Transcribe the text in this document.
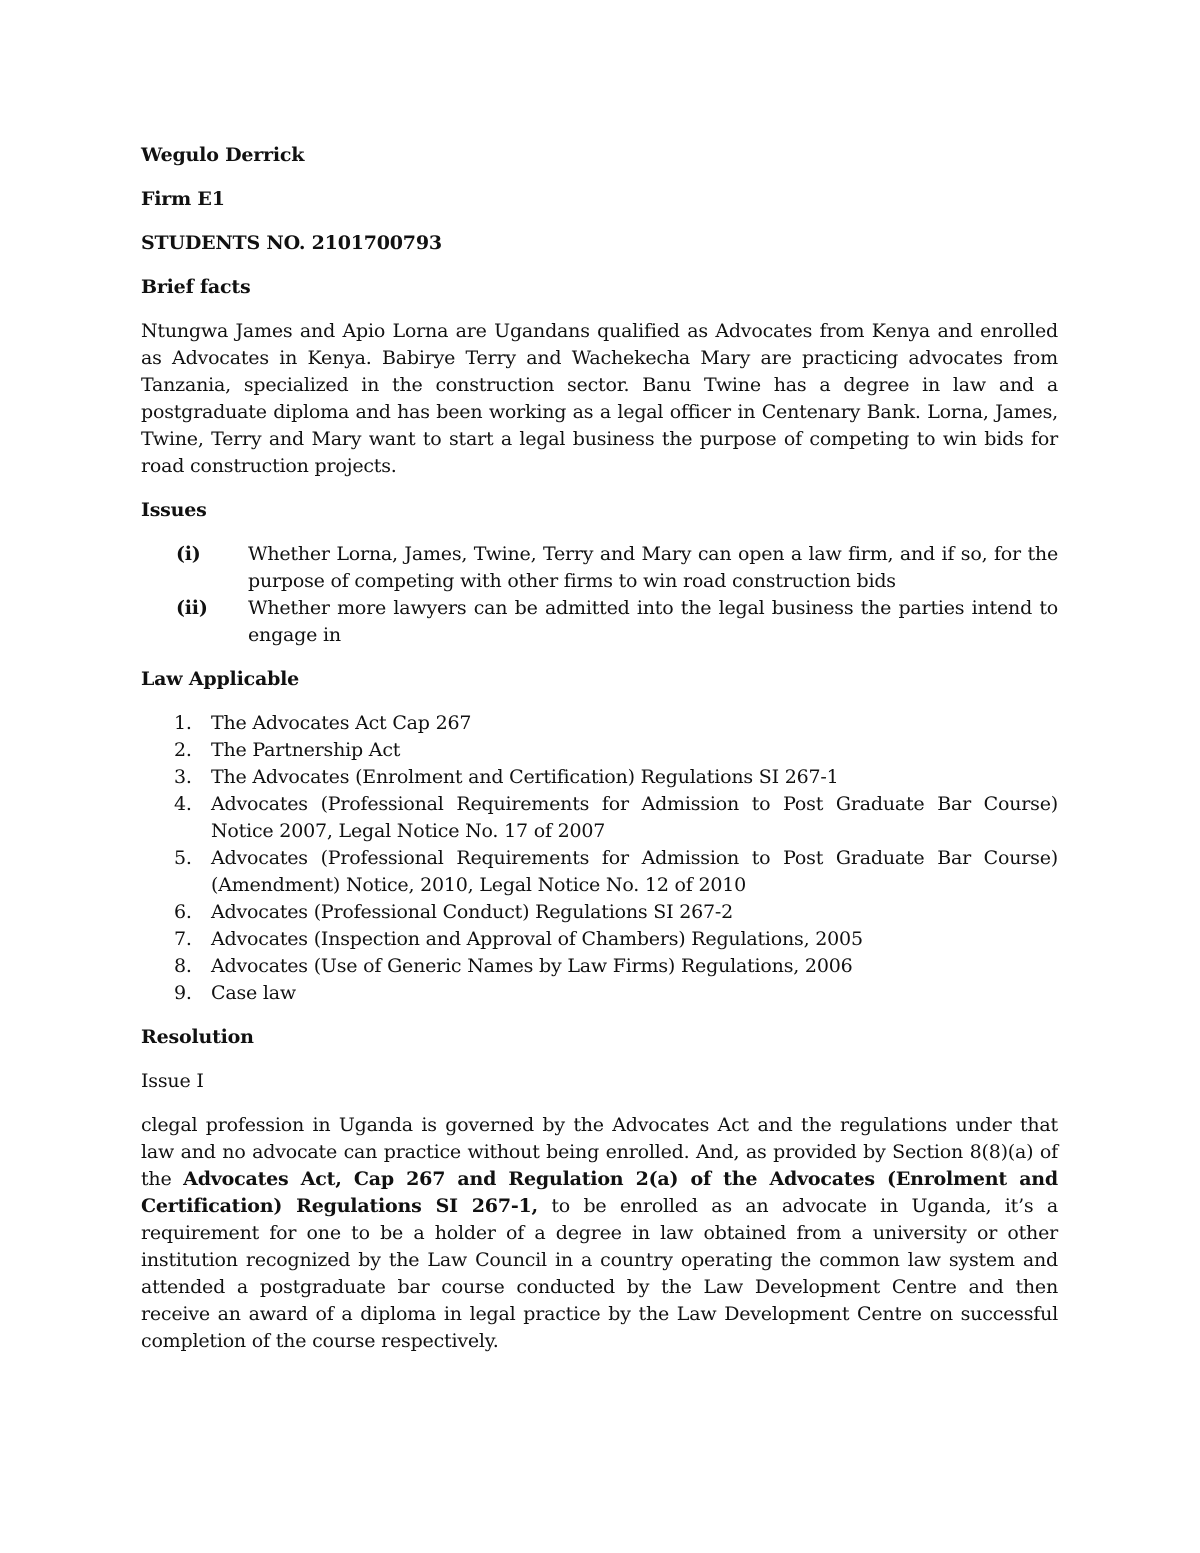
Wegulo Derrick
Firm E1
STUDENTS NO. 2101700793
Brief facts
Ntungwa James and Apio Lorna are Ugandans qualified as Advocates from Kenya and enrolled as Advocates in Kenya. Babirye Terry and Wachekecha Mary are practicing advocates from Tanzania, specialized in the construction sector. Banu Twine has a degree in law and a postgraduate diploma and has been working as a legal officer in Centenary Bank. Lorna, James, Twine, Terry and Mary want to start a legal business the purpose of competing to win bids for road construction projects.
Issues
(i)	Whether Lorna, James, Twine, Terry and Mary can open a law firm, and if so, for the purpose of competing with other firms to win road construction bids
(ii)	Whether more lawyers can be admitted into the legal business the parties intend to engage in
Law Applicable
1.	The Advocates Act Cap 267
2.	The Partnership Act
3.	The Advocates (Enrolment and Certification) Regulations SI 267-1
4.	Advocates (Professional Requirements for Admission to Post Graduate Bar Course) Notice 2007, Legal Notice No. 17 of 2007
5.	Advocates (Professional Requirements for Admission to Post Graduate Bar Course) (Amendment) Notice, 2010, Legal Notice No. 12 of 2010
6.	Advocates (Professional Conduct) Regulations SI 267-2
7.	Advocates (Inspection and Approval of Chambers) Regulations, 2005
8.	Advocates (Use of Generic Names by Law Firms) Regulations, 2006
9.	Case law
Resolution
Issue I
clegal profession in Uganda is governed by the Advocates Act and the regulations under that law and no advocate can practice without being enrolled. And, as provided by Section 8(8)(a) of the Advocates Act, Cap 267 and Regulation 2(a) of the Advocates (Enrolment and Certification) Regulations SI 267-1, to be enrolled as an advocate in Uganda, it’s a requirement for one to be a holder of a degree in law obtained from a university or other institution recognized by the Law Council in a country operating the common law system and attended a postgraduate bar course conducted by the Law Development Centre and then receive an award of a diploma in legal practice by the Law Development Centre on successful completion of the course respectively.
